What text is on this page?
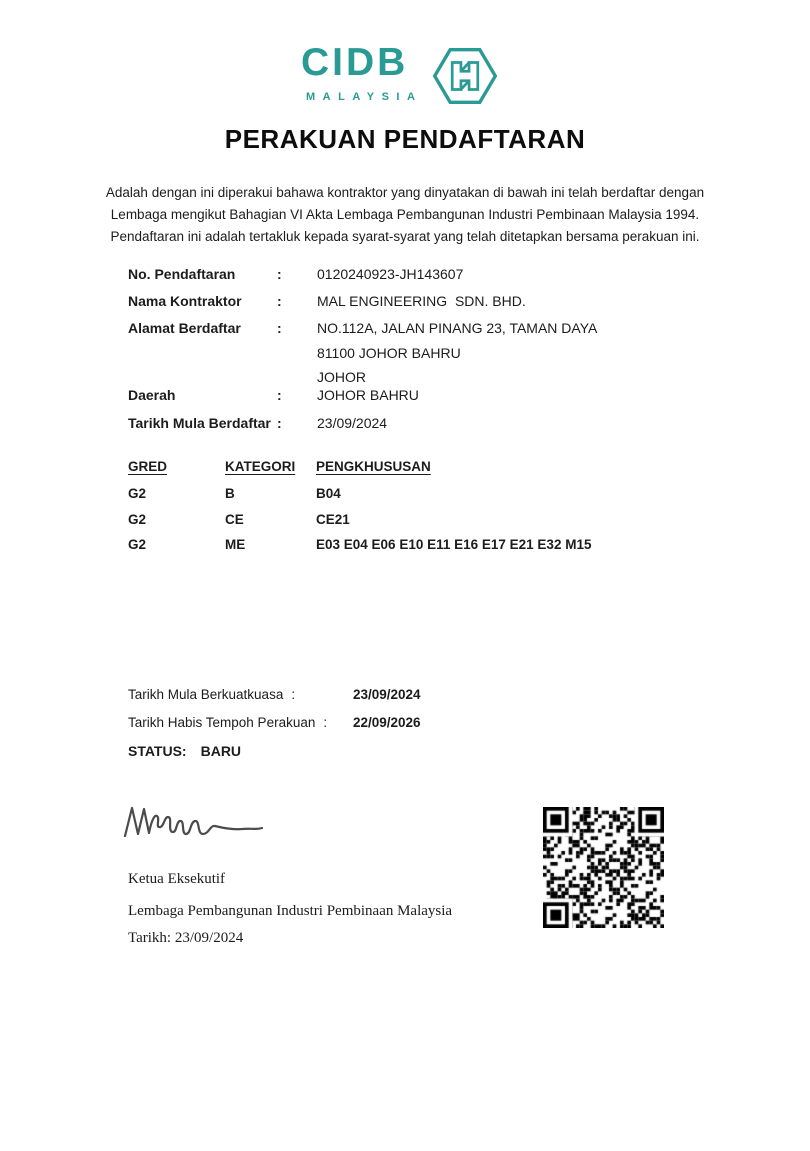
CIDB
MALAYSIA
PERAKUAN PENDAFTARAN
Adalah dengan ini diperakui bahawa kontraktor yang dinyatakan di bawah ini telah berdaftar dengan
Lembaga mengikut Bahagian VI Akta Lembaga Pembangunan Industri Pembinaan Malaysia 1994.
Pendaftaran ini adalah tertakluk kepada syarat-syarat yang telah ditetapkan bersama perakuan ini.
No. Pendaftaran	:	0120240923-JH143607
Nama Kontraktor	:	MAL ENGINEERING  SDN. BHD.
Alamat Berdaftar	:	NO.112A, JALAN PINANG 23, TAMAN DAYA
81100 JOHOR BAHRU
JOHOR
Daerah	:	JOHOR BAHRU
Tarikh Mula Berdaftar :	23/09/2024
GRED	KATEGORI PENGKHUSUSAN
G2	B	B04
G2	CE	CE21
G2	ME	E03 E04 E06 E10 E11 E16 E17 E21 E32 M15
Tarikh Mula Berkuatkuasa :	23/09/2024
Tarikh Habis Tempoh Perakuan : 22/09/2026
STATUS: BARU
Ketua Eksekutif
Lembaga Pembangunan Industri Pembinaan Malaysia
Tarikh: 23/09/2024
